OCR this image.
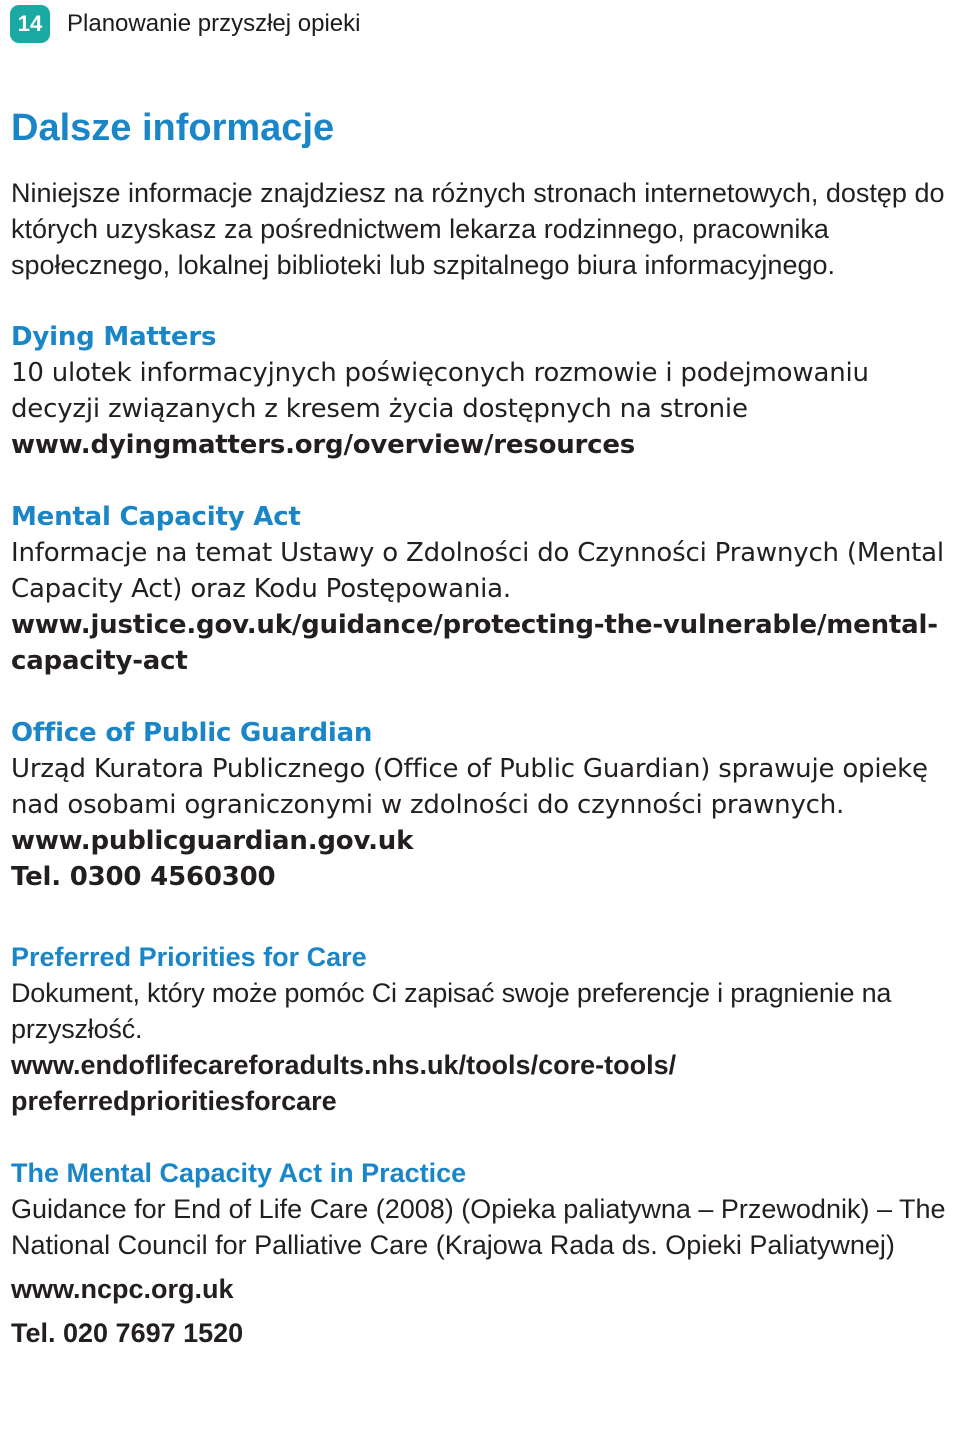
14	Planowanie przyszłej opieki
Dalsze informacje

Niniejsze informacje znajdziesz na różnych stronach internetowych, dostęp do których uzyskasz za pośrednictwem lekarza rodzinnego, pracownika społecznego, lokalnej biblioteki lub szpitalnego biura informacyjnego.

Dying Matters
10 ulotek informacyjnych poświęconych rozmowie i podejmowaniu decyzji związanych z kresem życia dostępnych na stronie
www.dyingmatters.org/overview/resources
Mental Capacity Act
Informacje na temat Ustawy o Zdolności do Czynności Prawnych (Mental Capacity Act) oraz Kodu Postępowania.
www.justice.gov.uk/guidance/protecting-the-vulnerable/mental-capacity-act
Office of Public Guardian
Urząd Kuratora Publicznego (Office of Public Guardian) sprawuje opiekę nad osobami ograniczonymi w zdolności do czynności prawnych.
www.publicguardian.gov.uk
Tel. 0300 4560300
Preferred Priorities for Care
Dokument, który może pomóc Ci zapisać swoje preferencje i pragnienie na przyszłość.
www.endoflifecareforadults.nhs.uk/tools/core-tools/ preferredprioritiesforcare
The Mental Capacity Act in Practice
Guidance for End of Life Care (2008) (Opieka paliatywna – Przewodnik) – The National Council for Palliative Care (Krajowa Rada ds. Opieki Paliatywnej)
www.ncpc.org.uk
Tel. 020 7697 1520
